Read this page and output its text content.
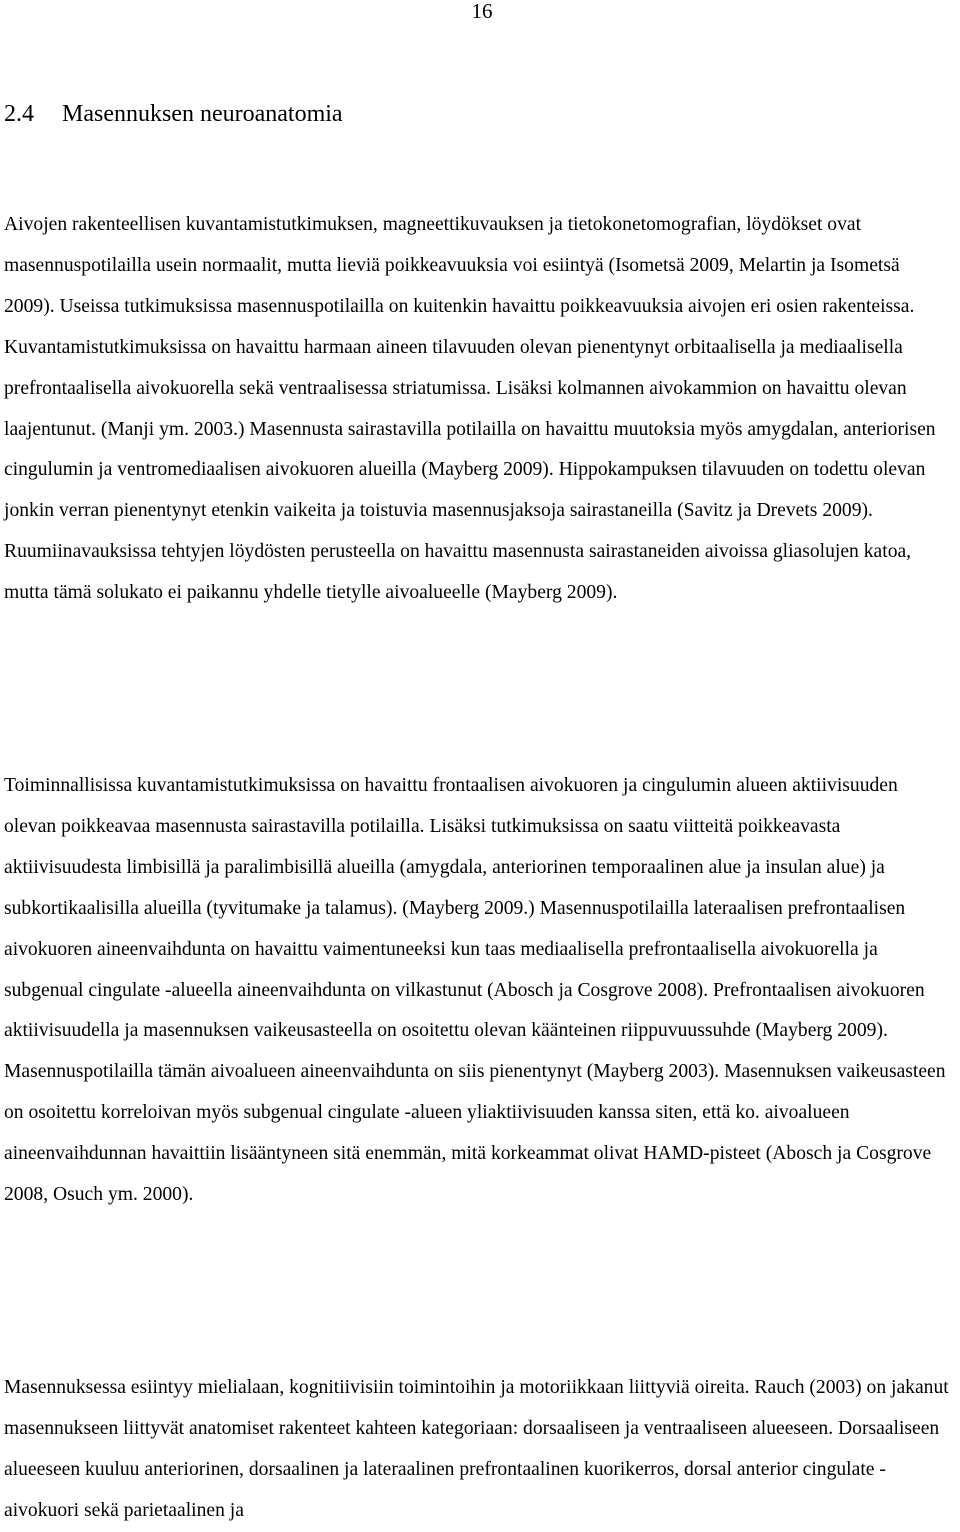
16
2.4 Masennuksen neuroanatomia

Aivojen rakenteellisen kuvantamistutkimuksen, magneettikuvauksen ja tietokonetomografian, löydökset ovat masennuspotilailla usein normaalit, mutta lieviä poikkeavuuksia voi esiintyä (Isometsä 2009, Melartin ja Isometsä 2009). Useissa tutkimuksissa masennuspotilailla on kuitenkin havaittu poikkeavuuksia aivojen eri osien rakenteissa. Kuvantamistutkimuksissa on havaittu harmaan aineen tilavuuden olevan pienentynyt orbitaalisella ja mediaalisella prefrontaalisella aivokuorella sekä ventraalisessa striatumissa. Lisäksi kolmannen aivokammion on havaittu olevan laajentunut. (Manji ym. 2003.) Masennusta sairastavilla potilailla on havaittu muutoksia myös amygdalan, anteriorisen cingulumin ja ventromediaalisen aivokuoren alueilla (Mayberg 2009). Hippokampuksen tilavuuden on todettu olevan jonkin verran pienentynyt etenkin vaikeita ja toistuvia masennusjaksoja sairastaneilla (Savitz ja Drevets 2009). Ruumiinavauksissa tehtyjen löydösten perusteella on havaittu masennusta sairastaneiden aivoissa gliasolujen katoa, mutta tämä solukato ei paikannu yhdelle tietylle aivoalueelle (Mayberg 2009).

Toiminnallisissa kuvantamistutkimuksissa on havaittu frontaalisen aivokuoren ja cingulumin alueen aktiivisuuden olevan poikkeavaa masennusta sairastavilla potilailla. Lisäksi tutkimuksissa on saatu viitteitä poikkeavasta aktiivisuudesta limbisillä ja paralimbisillä alueilla (amygdala, anteriorinen temporaalinen alue ja insulan alue) ja subkortikaalisilla alueilla (tyvitumake ja talamus). (Mayberg 2009.) Masennuspotilailla lateraalisen prefrontaalisen aivokuoren aineenvaihdunta on havaittu vaimentuneeksi kun taas mediaalisella prefrontaalisella aivokuorella ja subgenual cingulate -alueella aineenvaihdunta on vilkastunut (Abosch ja Cosgrove 2008). Prefrontaalisen aivokuoren aktiivisuudella ja masennuksen vaikeusasteella on osoitettu olevan käänteinen riippuvuussuhde (Mayberg 2009). Masennuspotilailla tämän aivoalueen aineenvaihdunta on siis pienentynyt (Mayberg 2003). Masennuksen vaikeusasteen on osoitettu korreloivan myös subgenual cingulate -alueen yliaktiivisuuden kanssa siten, että ko. aivoalueen aineenvaihdunnan havaittiin lisääntyneen sitä enemmän, mitä korkeammat olivat HAMD-pisteet (Abosch ja Cosgrove 2008, Osuch ym. 2000).

Masennuksessa esiintyy mielialaan, kognitiivisiin toimintoihin ja motoriikkaan liittyviä oireita. Rauch (2003) on jakanut masennukseen liittyvät anatomiset rakenteet kahteen kategoriaan: dorsaaliseen ja ventraaliseen alueeseen. Dorsaaliseen alueeseen kuuluu anteriorinen, dorsaalinen ja lateraalinen prefrontaalinen kuorikerros, dorsal anterior cingulate -aivokuori sekä parietaalinen ja
